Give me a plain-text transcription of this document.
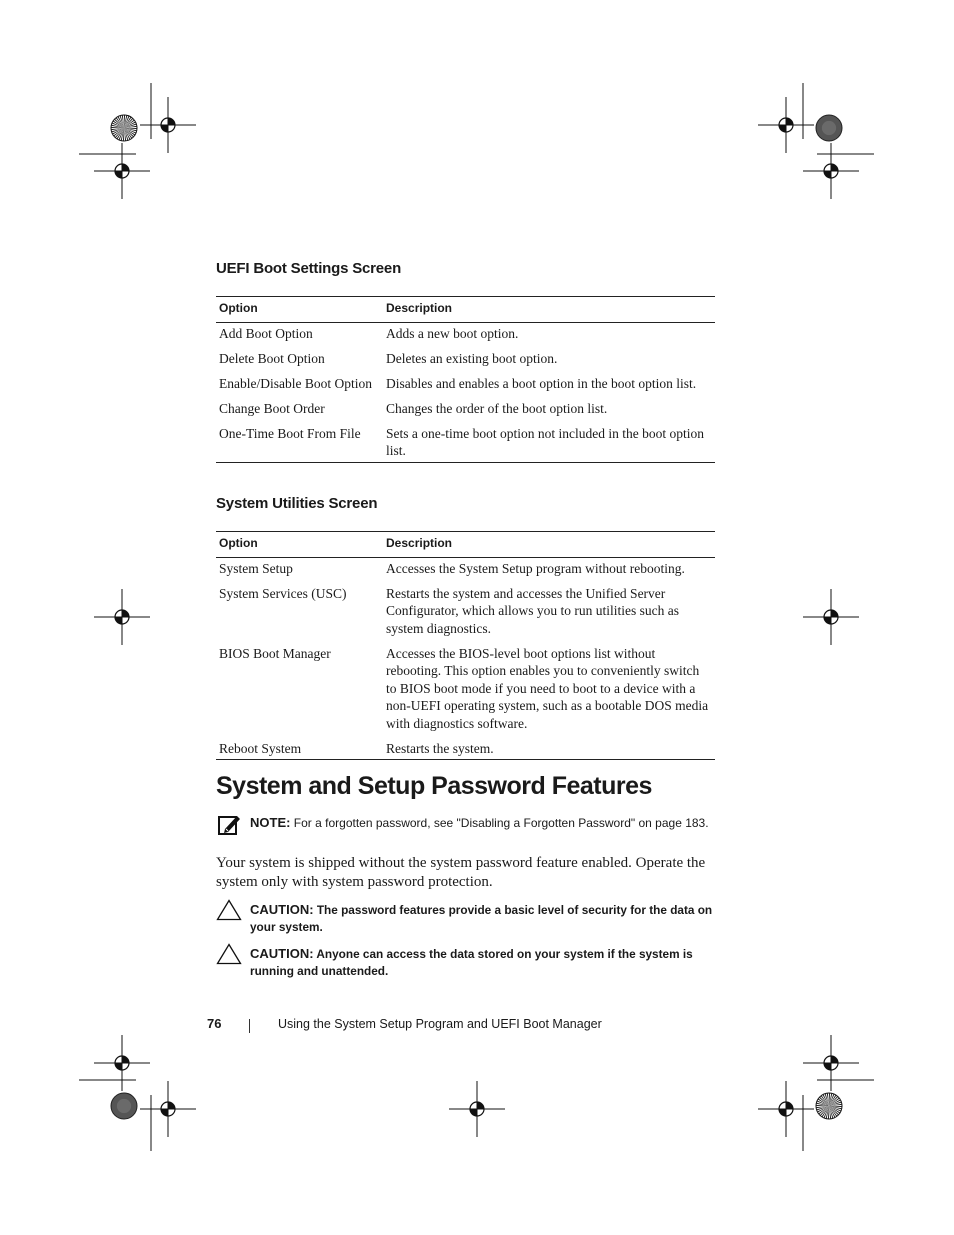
UEFI Boot Settings Screen
Option	Description
Add Boot Option	Adds a new boot option.
Delete Boot Option	Deletes an existing boot option.
Enable/Disable Boot Option	Disables and enables a boot option in the boot option list.
Change Boot Order	Changes the order of the boot option list.
One-Time Boot From File	Sets a one-time boot option not included in the boot option list.
System Utilities Screen
Option	Description
System Setup	Accesses the System Setup program without rebooting.
System Services (USC)	Restarts the system and accesses the Unified Server Configurator, which allows you to run utilities such as system diagnostics.
BIOS Boot Manager	Accesses the BIOS-level boot options list without rebooting. This option enables you to conveniently switch to BIOS boot mode if you need to boot to a device with a non-UEFI operating system, such as a bootable DOS media with diagnostics software.
Reboot System	Restarts the system.
System and Setup Password Features
NOTE: For a forgotten password, see "Disabling a Forgotten Password" on page 183.

Your system is shipped without the system password feature enabled. Operate the system only with system password protection.

CAUTION: The password features provide a basic level of security for the data on your system.
CAUTION: Anyone can access the data stored on your system if the system is running and unattended.
76	Using the System Setup Program and UEFI Boot Manager
